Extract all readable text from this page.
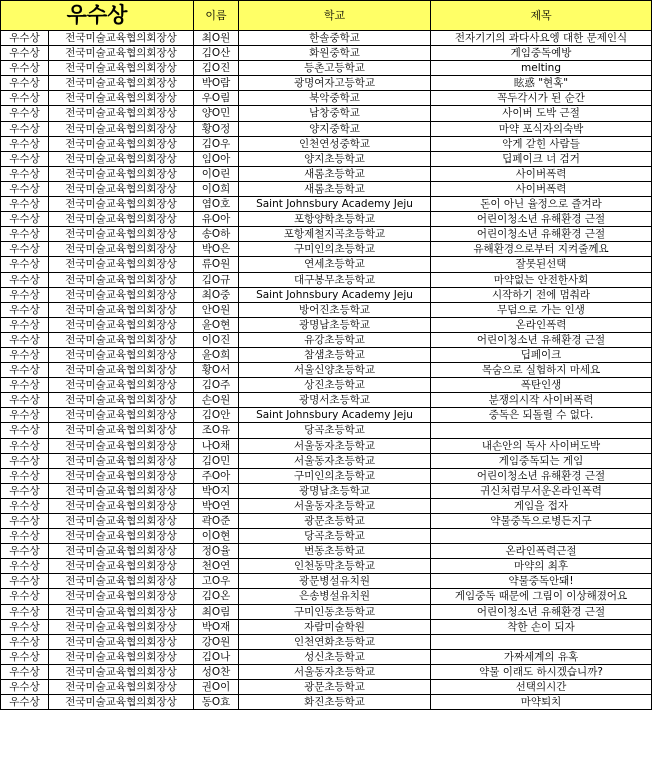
우수상		이름	학교	제목
우수상	전국미술교육협의회장상	최O원	한솔중학교	전자기기의 과다사요엥 대한 문제인식
우수상	전국미술교육협의회장상	김O산	화원중학교	게임중독예방
우수상	전국미술교육협의회장상	김O진	등촌고등학교	melting
우수상	전국미술교육협의회장상	박O람	광명여자고등학교	眩惑 "현혹"
우수상	전국미술교육협의회장상	우O림	북악중학교	꼭두각시가 된 순간
우수상	전국미술교육협의회장상	양O민	남창중학교	사이버 도박 근절
우수상	전국미술교육협의회장상	황O정	양지중학교	마약 포식자의숙박
우수상	전국미술교육협의회장상	김O우	인천연성중학교	악게 갇힌 사람들
우수상	전국미술교육협의회장상	임O아	양지초등학교	딥페이크 너 검거
우수상	전국미술교육협의회장상	이O린	새롬초등학교	사이버폭력
우수상	전국미술교육협의회장상	이O희	새롬초등학교	사이버폭력
우수상	전국미술교육협의회장상	염O호	Saint Johnsbury Academy Jeju	돈이 아닌 율정으로 즐겨라
우수상	전국미술교육협의회장상	유O아	포항양학초등학교	어린이청소년 유해환경 근절
우수상	전국미술교육협의회장상	송O하	포항제철지곡초등학교	어린이청소년 유해환경 근절
우수상	전국미술교육협의회장상	박O은	구미인의초등학교	유해환경으로부터 지켜줄께요
우수상	전국미술교육협의회장상	류O원	연세초등학교	잘못된선택
우수상	전국미술교육협의회장상	김O규	대구봉무초등학교	마약없는 안전한사회
우수상	전국미술교육협의회장상	최O중	Saint Johnsbury Academy Jeju	시작하기 전에 멈춰라
우수상	전국미술교육협의회장상	안O원	방어진초등학교	무덤으로 가는 인생
우수상	전국미술교육협의회장상	윤O현	광명남초등학교	온라인폭력
우수상	전국미술교육협의회장상	이O진	유강초등학교	어린이청소년 유해환경 근절
우수상	전국미술교육협의회장상	윤O희	참샘초등학교	딥페이크
우수상	전국미술교육협의회장상	황O서	서울신양초등학교	목숨으로 실험하지 마세요
우수상	전국미술교육협의회장상	김O주	상진초등학교	폭탄인생
우수상	전국미술교육협의회장상	손O원	광명서초등학교	분쟁의시작 사이버폭력
우수상	전국미술교육협의회장상	김O안	Saint Johnsbury Academy Jeju	중독은 되돌릴 수 없다.
우수상	전국미술교육협의회장상	조O유	당곡초등학교	
우수상	전국미술교육협의회장상	나O채	서울동자초등학교	내손안의 독사 사이버도박
우수상	전국미술교육협의회장상	김O민	서울동자초등학교	게임중독되는 게임
우수상	전국미술교육협의회장상	주O아	구미인의초등학교	어린이청소년 유해환경 근절
우수상	전국미술교육협의회장상	박O지	광명남초등학교	귀신처럼무서운온라인폭력
우수상	전국미술교육협의회장상	박O연	서울동자초등학교	게임을 접자
우수상	전국미술교육협의회장상	곽O준	광문초등학교	약물중독으로병든지구
우수상	전국미술교육협의회장상	이O현	당곡초등학교	
우수상	전국미술교육협의회장상	정O율	번동초등학교	온라인폭력근절
우수상	전국미술교육협의회장상	천O연	인천동막초등학교	마약의 최후
우수상	전국미술교육협의회장상	고O우	광문병설유치원	약물중독안돼!
우수상	전국미술교육협의회장상	김O온	은송병설유치원	게임중독 때문에 그림이 이상해졌어요
우수상	전국미술교육협의회장상	최O림	구미인동초등학교	어린이청소년 유해환경 근절
우수상	전국미술교육협의회장상	박O재	자람미술학원	착한 손이 되자
우수상	전국미술교육협의회장상	강O원	인천연화초등학교	
우수상	전국미술교육협의회장상	김O나	성신초등학교	가짜세계의 유혹
우수상	전국미술교육협의회장상	성O찬	서울동자초등학교	약물 이래도 하시겠습니까?
우수상	전국미술교육협의회장상	권O이	광문초등학교	선택의시간
우수상	전국미술교육협의회장상	동O효	화진초등학교	마약퇴치
